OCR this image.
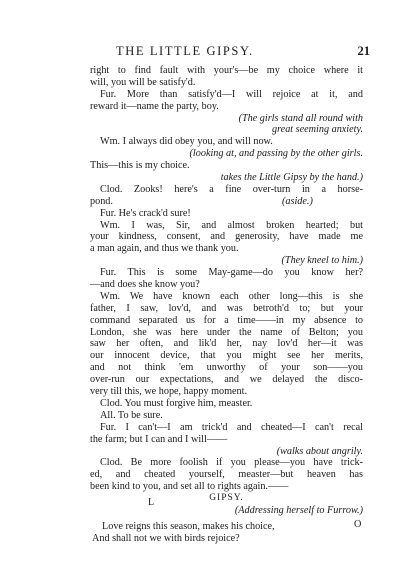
THE LITTLE GIPSY.	21
right to find fault with your's—be my choice where it
will, you will be satisfy'd.
Fur. More than satisfy'd—I will rejoice at it, and
reward it—name the party, boy.
(The girls stand all round with
great seeming anxiety.
Wm. I always did obey you, and will now.
(looking at, and passing by the other girls.
This—this is my choice.
takes the Little Gipsy by the hand.)
Clod. Zooks! here's a fine over-turn in a horse-
pond.	(aside.)
Fur. He's crack'd sure!
Wm. I was, Sir, and almost broken hearted; but
your kindness, consent, and generosity, have made me
a man again, and thus we thank you.
(They kneel to him.)
Fur. This is some May-game—do you know her?
—and does she know you?
Wm. We have known each other long—this is she
father, I saw, lov'd, and was betroth'd to; but your
command separated us for a time——in my absence to
London, she was here under the name of Belton; you
saw her often, and lik'd her, nay lov'd her—it was
our innocent device, that you might see her merits,
and not think 'em unworthy of your son——you
over-run our expectations, and we delayed the disco-
very till this, we hope, happy moment.
Clod. You must forgive him, measter.
All. To be sure.
Fur. I can't—I am trick'd and cheated—I can't recal
the farm; but I can and I will——
(walks about angrily.
Clod. Be more foolish if you please—you have trick-
ed, and cheated yourself, measter—but heaven has
been kind to you, and set all to rights again.——
GIPSY.
(Addressing herself to Furrow.)
Love reigns this season, makes his choice,
And shall not we with birds rejoice?
L
O
